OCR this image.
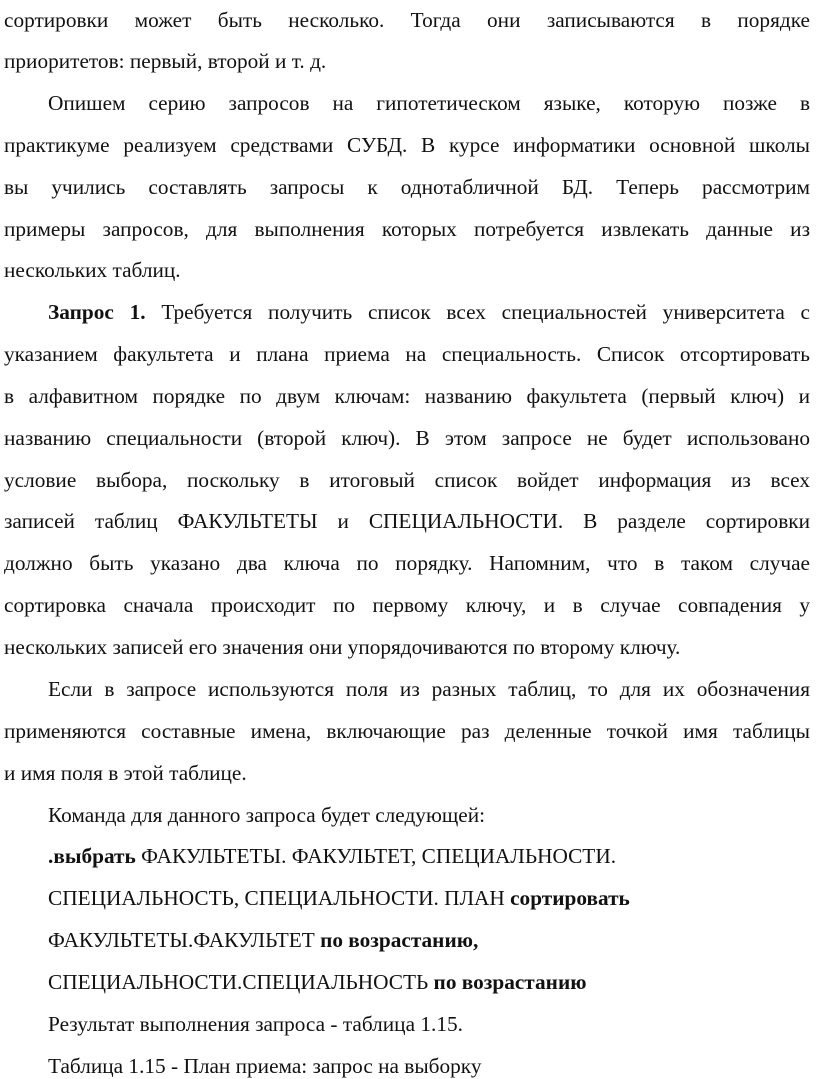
сортировки может быть несколько. Тогда они записываются в порядке
приоритетов: первый, второй и т. д.
Опишем серию запросов на гипотетическом языке, которую позже в
практикуме реализуем средствами СУБД. В курсе информатики основной школы
вы учились составлять запросы к однотабличной БД. Теперь рассмотрим
примеры запросов, для выполнения которых потребуется извлекать данные из
нескольких таблиц.
Запрос 1. Требуется получить список всех специальностей университета с
указанием факультета и плана приема на специальность. Список отсортировать
в алфавитном порядке по двум ключам: названию факультета (первый ключ) и
названию специальности (второй ключ). В этом запросе не будет использовано
условие выбора, поскольку в итоговый список войдет информация из всех
записей таблиц ФАКУЛЬТЕТЫ и СПЕЦИАЛЬНОСТИ. В разделе сортировки
должно быть указано два ключа по порядку. Напомним, что в таком случае
сортировка сначала происходит по первому ключу, и в случае совпадения у
нескольких записей его значения они упорядочиваются по второму ключу.
Если в запросе используются поля из разных таблиц, то для их обозначения
применяются составные имена, включающие раз деленные точкой имя таблицы
и имя поля в этой таблице.
Команда для данного запроса будет следующей:
.выбрать ФАКУЛЬТЕТЫ. ФАКУЛЬТЕТ, СПЕЦИАЛЬНОСТИ.
СПЕЦИАЛЬНОСТЬ, СПЕЦИАЛЬНОСТИ. ПЛАН сортировать
ФАКУЛЬТЕТЫ.ФАКУЛЬТЕТ по возрастанию,
СПЕЦИАЛЬНОСТИ.СПЕЦИАЛЬНОСТЬ по возрастанию
Результат выполнения запроса - таблица 1.15.
Таблица 1.15 - План приема: запрос на выборку
